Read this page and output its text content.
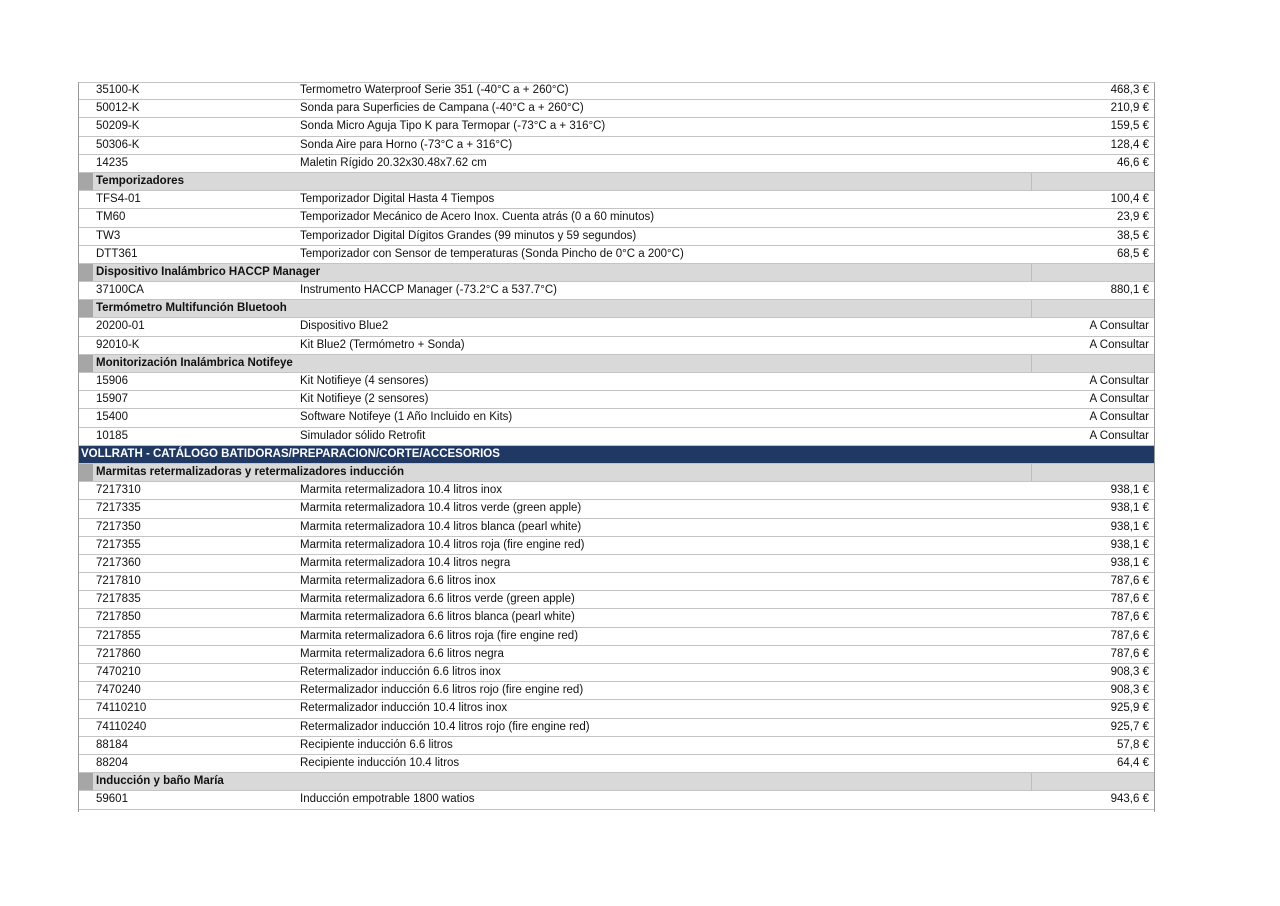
35100-K	Termometro Waterproof Serie 351 (-40°C a + 260°C)	468,3 €
50012-K	Sonda para Superficies de Campana (-40°C a + 260°C)	210,9 €
50209-K	Sonda Micro Aguja Tipo K para Termopar (-73°C a + 316°C)	159,5 €
50306-K	Sonda Aire para Horno (-73°C a + 316°C)	128,4 €
14235	Maletin Rígido 20.32x30.48x7.62 cm	46,6 €
Temporizadores
TFS4-01	Temporizador Digital Hasta 4 Tiempos	100,4 €
TM60	Temporizador Mecánico de Acero Inox. Cuenta atrás (0 a 60 minutos)	23,9 €
TW3	Temporizador Digital Dígitos Grandes (99 minutos y 59 segundos)	38,5 €
DTT361	Temporizador con Sensor de temperaturas (Sonda Pincho de 0°C a 200°C)	68,5 €
Dispositivo Inalámbrico HACCP Manager
37100CA	Instrumento HACCP Manager (-73.2°C a 537.7°C)	880,1 €
Termómetro Multifunción Bluetooh
20200-01	Dispositivo Blue2	A Consultar
92010-K	Kit Blue2 (Termómetro + Sonda)	A Consultar
Monitorización Inalámbrica Notifeye
15906	Kit Notifieye (4 sensores)	A Consultar
15907	Kit Notifieye (2 sensores)	A Consultar
15400	Software Notifeye (1 Año Incluido en Kits)	A Consultar
10185	Simulador sólido Retrofit	A Consultar
VOLLRATH - CATÁLOGO BATIDORAS/PREPARACION/CORTE/ACCESORIOS
Marmitas retermalizadoras y retermalizadores inducción
7217310	Marmita retermalizadora 10.4 litros inox	938,1 €
7217335	Marmita retermalizadora 10.4 litros verde (green apple)	938,1 €
7217350	Marmita retermalizadora 10.4 litros blanca (pearl white)	938,1 €
7217355	Marmita retermalizadora 10.4 litros roja (fire engine red)	938,1 €
7217360	Marmita retermalizadora 10.4 litros negra	938,1 €
7217810	Marmita retermalizadora 6.6 litros inox	787,6 €
7217835	Marmita retermalizadora 6.6 litros verde (green apple)	787,6 €
7217850	Marmita retermalizadora 6.6 litros blanca (pearl white)	787,6 €
7217855	Marmita retermalizadora 6.6 litros roja (fire engine red)	787,6 €
7217860	Marmita retermalizadora 6.6 litros negra	787,6 €
7470210	Retermalizador inducción 6.6 litros inox	908,3 €
7470240	Retermalizador inducción 6.6 litros rojo (fire engine red)	908,3 €
74110210	Retermalizador inducción 10.4 litros inox	925,9 €
74110240	Retermalizador inducción 10.4 litros rojo (fire engine red)	925,7 €
88184	Recipiente inducción 6.6 litros	57,8 €
88204	Recipiente inducción 10.4 litros	64,4 €
Inducción y baño María
59601	Inducción empotrable 1800 watios	943,6 €
